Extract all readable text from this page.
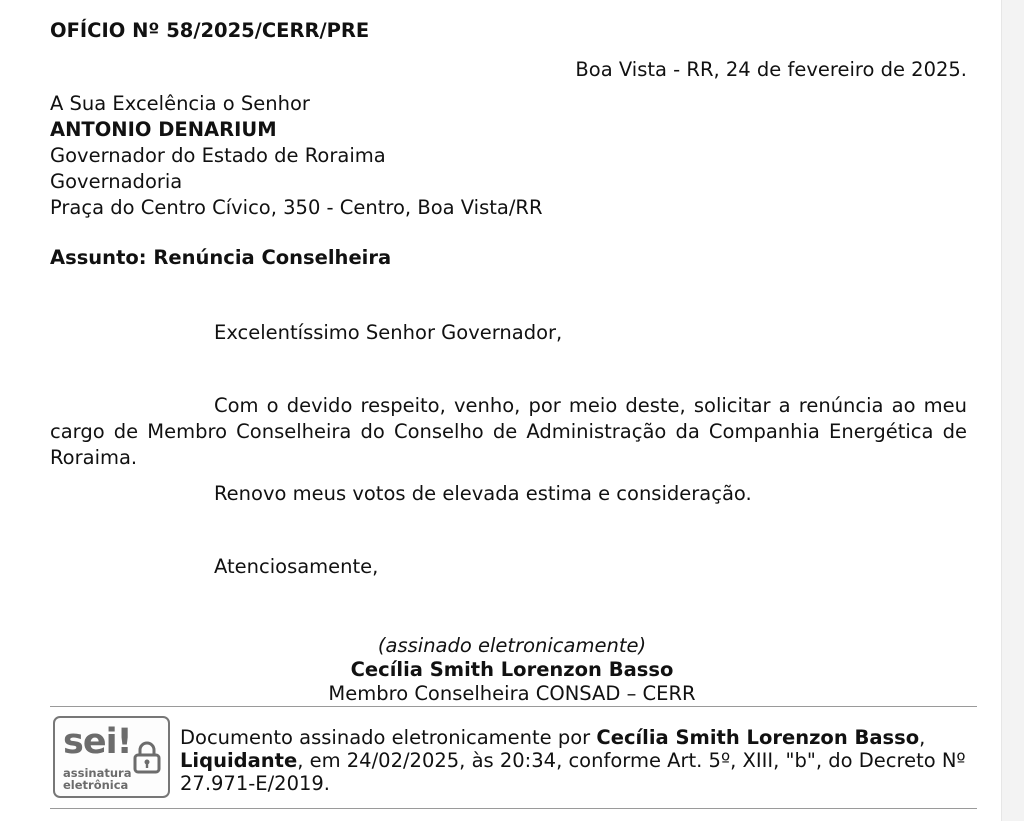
OFÍCIO Nº 58/2025/CERR/PRE
Boa Vista - RR, 24 de fevereiro de 2025.
A Sua Excelência o Senhor
ANTONIO DENARIUM
Governador do Estado de Roraima
Governadoria
Praça do Centro Cívico, 350 - Centro, Boa Vista/RR
Assunto: Renúncia Conselheira
Excelentíssimo Senhor Governador,
Com o devido respeito, venho, por meio deste, solicitar a renúncia ao meu cargo de Membro Conselheira do Conselho de Administração da Companhia Energética de Roraima.
Renovo meus votos de elevada estima e consideração.
Atenciosamente,
(assinado eletronicamente)
Cecília Smith Lorenzon Basso
Membro Conselheira CONSAD – CERR
sei!
assinatura
eletrônica
Documento assinado eletronicamente por Cecília Smith Lorenzon Basso, Liquidante, em 24/02/2025, às 20:34, conforme Art. 5º, XIII, "b", do Decreto Nº 27.971-E/2019.
